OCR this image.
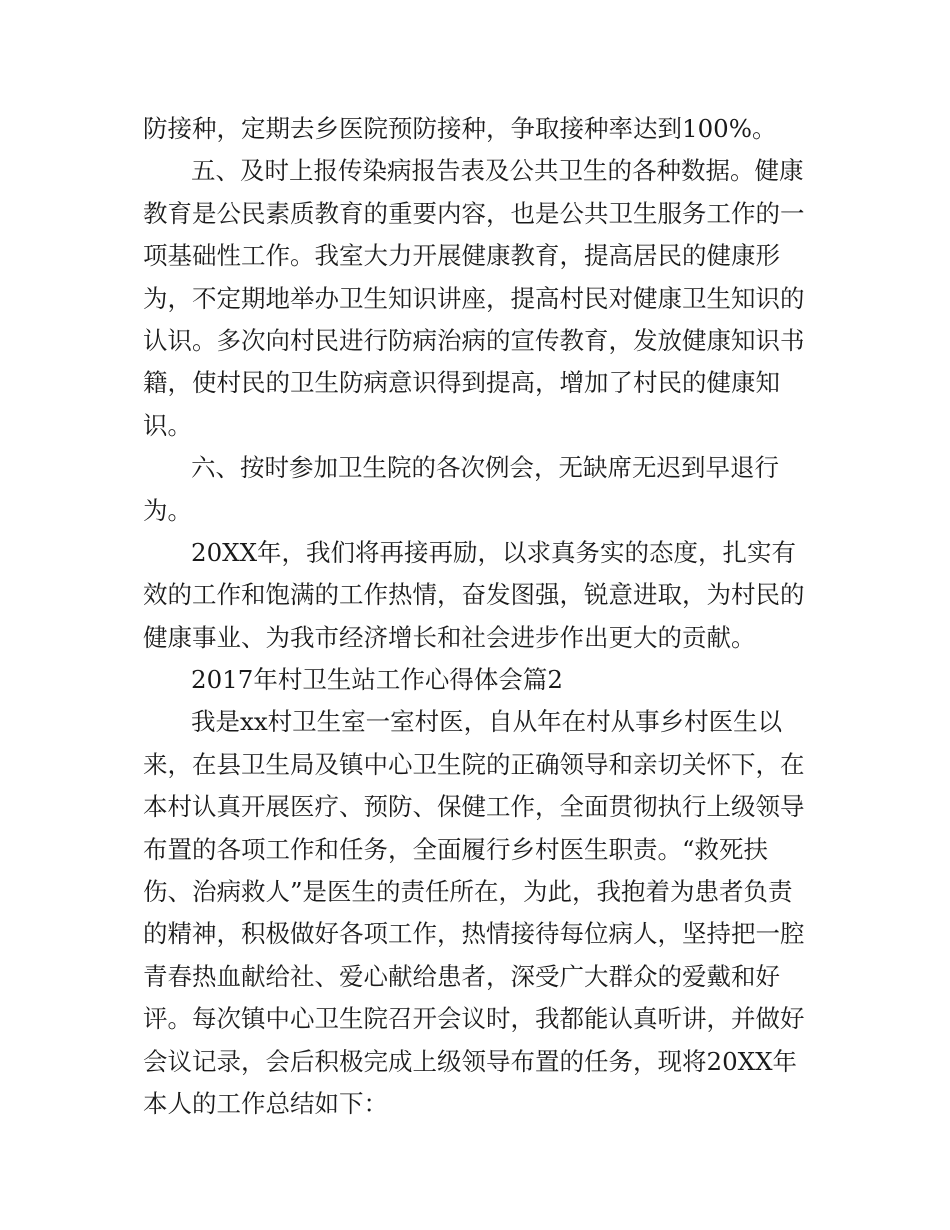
防接种，定期去乡医院预防接种，争取接种率达到100%。
五、及时上报传染病报告表及公共卫生的各种数据。健康
教育是公民素质教育的重要内容，也是公共卫生服务工作的一
项基础性工作。我室大力开展健康教育，提高居民的健康形
为，不定期地举办卫生知识讲座，提高村民对健康卫生知识的
认识。多次向村民进行防病治病的宣传教育，发放健康知识书
籍，使村民的卫生防病意识得到提高，增加了村民的健康知
识。
六、按时参加卫生院的各次例会，无缺席无迟到早退行
为。
20XX年，我们将再接再励，以求真务实的态度，扎实有
效的工作和饱满的工作热情，奋发图强，锐意进取，为村民的
健康事业、为我市经济增长和社会进步作出更大的贡献。
2017年村卫生站工作心得体会篇2
我是xx村卫生室一室村医，自从年在村从事乡村医生以
来，在县卫生局及镇中心卫生院的正确领导和亲切关怀下，在
本村认真开展医疗、预防、保健工作，全面贯彻执行上级领导
布置的各项工作和任务，全面履行乡村医生职责。“救死扶
伤、治病救人”是医生的责任所在，为此，我抱着为患者负责
的精神，积极做好各项工作，热情接待每位病人，坚持把一腔
青春热血献给社、爱心献给患者，深受广大群众的爱戴和好
评。每次镇中心卫生院召开会议时，我都能认真听讲，并做好
会议记录，会后积极完成上级领导布置的任务，现将20XX年
本人的工作总结如下：
